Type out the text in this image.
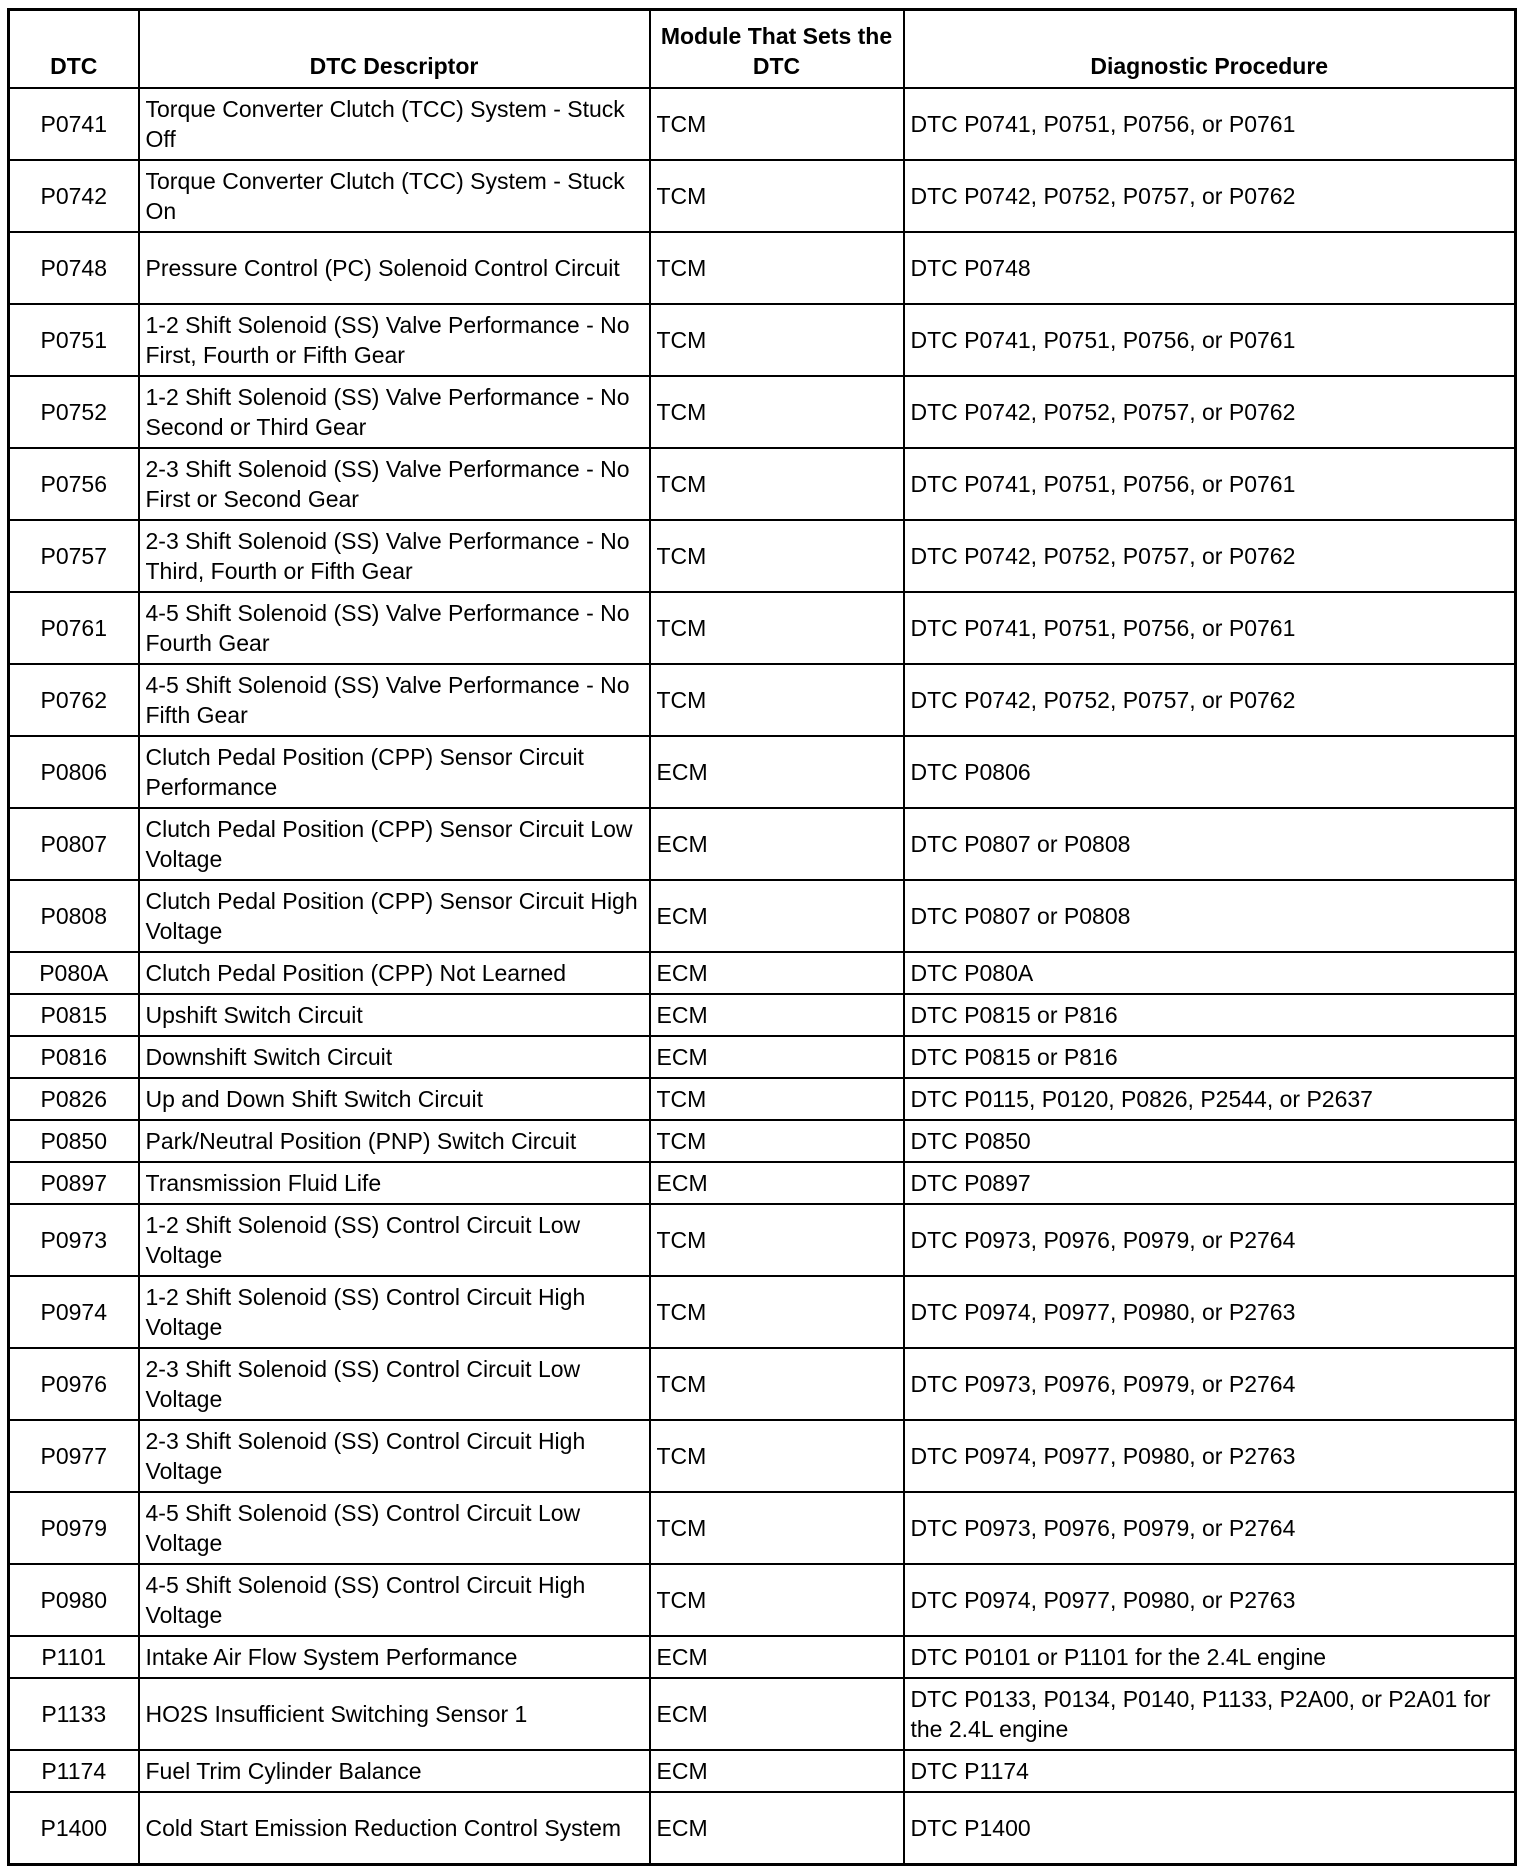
DTC	DTC Descriptor	Module That Sets the DTC	Diagnostic Procedure
P0741	Torque Converter Clutch (TCC) System - Stuck Off	TCM	DTC P0741, P0751, P0756, or P0761
P0742	Torque Converter Clutch (TCC) System - Stuck On	TCM	DTC P0742, P0752, P0757, or P0762
P0748	Pressure Control (PC) Solenoid Control Circuit	TCM	DTC P0748
P0751	1-2 Shift Solenoid (SS) Valve Performance - No First, Fourth or Fifth Gear	TCM	DTC P0741, P0751, P0756, or P0761
P0752	1-2 Shift Solenoid (SS) Valve Performance - No Second or Third Gear	TCM	DTC P0742, P0752, P0757, or P0762
P0756	2-3 Shift Solenoid (SS) Valve Performance - No First or Second Gear	TCM	DTC P0741, P0751, P0756, or P0761
P0757	2-3 Shift Solenoid (SS) Valve Performance - No Third, Fourth or Fifth Gear	TCM	DTC P0742, P0752, P0757, or P0762
P0761	4-5 Shift Solenoid (SS) Valve Performance - No Fourth Gear	TCM	DTC P0741, P0751, P0756, or P0761
P0762	4-5 Shift Solenoid (SS) Valve Performance - No Fifth Gear	TCM	DTC P0742, P0752, P0757, or P0762
P0806	Clutch Pedal Position (CPP) Sensor Circuit Performance	ECM	DTC P0806
P0807	Clutch Pedal Position (CPP) Sensor Circuit Low Voltage	ECM	DTC P0807 or P0808
P0808	Clutch Pedal Position (CPP) Sensor Circuit High Voltage	ECM	DTC P0807 or P0808
P080A	Clutch Pedal Position (CPP) Not Learned	ECM	DTC P080A
P0815	Upshift Switch Circuit	ECM	DTC P0815 or P816
P0816	Downshift Switch Circuit	ECM	DTC P0815 or P816
P0826	Up and Down Shift Switch Circuit	TCM	DTC P0115, P0120, P0826, P2544, or P2637
P0850	Park/Neutral Position (PNP) Switch Circuit	TCM	DTC P0850
P0897	Transmission Fluid Life	ECM	DTC P0897
P0973	1-2 Shift Solenoid (SS) Control Circuit Low Voltage	TCM	DTC P0973, P0976, P0979, or P2764
P0974	1-2 Shift Solenoid (SS) Control Circuit High Voltage	TCM	DTC P0974, P0977, P0980, or P2763
P0976	2-3 Shift Solenoid (SS) Control Circuit Low Voltage	TCM	DTC P0973, P0976, P0979, or P2764
P0977	2-3 Shift Solenoid (SS) Control Circuit High Voltage	TCM	DTC P0974, P0977, P0980, or P2763
P0979	4-5 Shift Solenoid (SS) Control Circuit Low Voltage	TCM	DTC P0973, P0976, P0979, or P2764
P0980	4-5 Shift Solenoid (SS) Control Circuit High Voltage	TCM	DTC P0974, P0977, P0980, or P2763
P1101	Intake Air Flow System Performance	ECM	DTC P0101 or P1101 for the 2.4L engine
P1133	HO2S Insufficient Switching Sensor 1	ECM	DTC P0133, P0134, P0140, P1133, P2A00, or P2A01 for the 2.4L engine
P1174	Fuel Trim Cylinder Balance	ECM	DTC P1174
P1400	Cold Start Emission Reduction Control System	ECM	DTC P1400
